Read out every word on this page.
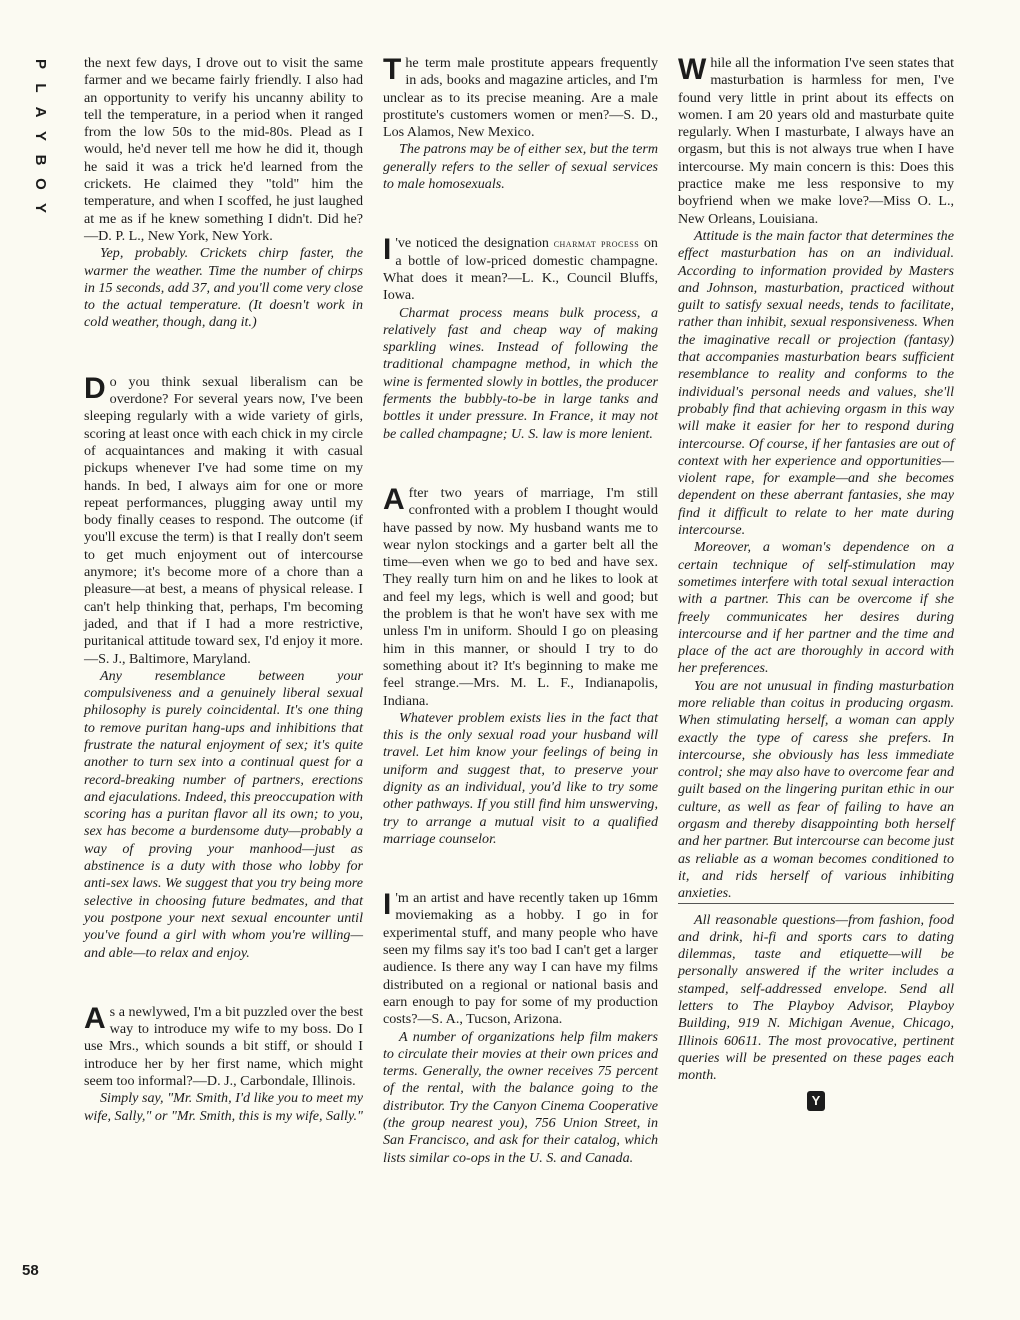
P
L
A
Y
B
O
Y
58

the next few days, I drove out to visit the same farmer and we became fairly friendly. I also had an opportunity to verify his uncanny ability to tell the temperature, in a period when it ranged from the low 50s to the mid-80s. Plead as I would, he'd never tell me how he did it, though he said it was a trick he'd learned from the crickets. He claimed they "told" him the temperature, and when I scoffed, he just laughed at me as if he knew something I didn't. Did he?—D. P. L., New York, New York.

Yep, probably. Crickets chirp faster, the warmer the weather. Time the number of chirps in 15 seconds, add 37, and you'll come very close to the actual temperature. (It doesn't work in cold weather, though, dang it.)

Do you think sexual liberalism can be overdone? For several years now, I've been sleeping regularly with a wide variety of girls, scoring at least once with each chick in my circle of acquaintances and making it with casual pickups whenever I've had some time on my hands. In bed, I always aim for one or more repeat performances, plugging away until my body finally ceases to respond. The outcome (if you'll excuse the term) is that I really don't seem to get much enjoyment out of intercourse anymore; it's become more of a chore than a pleasure—at best, a means of physical release. I can't help thinking that, perhaps, I'm becoming jaded, and that if I had a more restrictive, puritanical attitude toward sex, I'd enjoy it more.—S. J., Baltimore, Maryland.

Any resemblance between your compulsiveness and a genuinely liberal sexual philosophy is purely coincidental. It's one thing to remove puritan hang-ups and inhibitions that frustrate the natural enjoyment of sex; it's quite another to turn sex into a continual quest for a record-breaking number of partners, erections and ejaculations. Indeed, this preoccupation with scoring has a puritan flavor all its own; to you, sex has become a burdensome duty—probably a way of proving your manhood—just as abstinence is a duty with those who lobby for anti-sex laws. We suggest that you try being more selective in choosing future bedmates, and that you postpone your next sexual encounter until you've found a girl with whom you're willing—and able—to relax and enjoy.

As a newlywed, I'm a bit puzzled over the best way to introduce my wife to my boss. Do I use Mrs., which sounds a bit stiff, or should I introduce her by her first name, which might seem too informal?—D. J., Carbondale, Illinois.

Simply say, "Mr. Smith, I'd like you to meet my wife, Sally," or "Mr. Smith, this is my wife, Sally."

The term male prostitute appears frequently in ads, books and magazine articles, and I'm unclear as to its precise meaning. Are a male prostitute's customers women or men?—S. D., Los Alamos, New Mexico.

The patrons may be of either sex, but the term generally refers to the seller of sexual services to male homosexuals.

I 've noticed the designation charmat process on a bottle of low-priced domestic champagne. What does it mean?—L. K., Council Bluffs, Iowa.

Charmat process means bulk process, a relatively fast and cheap way of making sparkling wines. Instead of following the traditional champagne method, in which the wine is fermented slowly in bottles, the producer ferments the bubbly-to-be in large tanks and bottles it under pressure. In France, it may not be called champagne; U. S. law is more lenient.

After two years of marriage, I'm still confronted with a problem I thought would have passed by now. My husband wants me to wear nylon stockings and a garter belt all the time—even when we go to bed and have sex. They really turn him on and he likes to look at and feel my legs, which is well and good; but the problem is that he won't have sex with me unless I'm in uniform. Should I go on pleasing him in this manner, or should I try to do something about it? It's beginning to make me feel strange.—Mrs. M. L. F., Indianapolis, Indiana.

Whatever problem exists lies in the fact that this is the only sexual road your husband will travel. Let him know your feelings of being in uniform and suggest that, to preserve your dignity as an individual, you'd like to try some other pathways. If you still find him unswerving, try to arrange a mutual visit to a qualified marriage counselor.

I 'm an artist and have recently taken up 16mm moviemaking as a hobby. I go in for experimental stuff, and many people who have seen my films say it's too bad I can't get a larger audience. Is there any way I can have my films distributed on a regional or national basis and earn enough to pay for some of my production costs?—S. A., Tucson, Arizona.

A number of organizations help film makers to circulate their movies at their own prices and terms. Generally, the owner receives 75 percent of the rental, with the balance going to the distributor. Try the Canyon Cinema Cooperative (the group nearest you), 756 Union Street, in San Francisco, and ask for their catalog, which lists similar co-ops in the U. S. and Canada.

While all the information I've seen states that masturbation is harmless for men, I've found very little in print about its effects on women. I am 20 years old and masturbate quite regularly. When I masturbate, I always have an orgasm, but this is not always true when I have intercourse. My main concern is this: Does this practice make me less responsive to my boyfriend when we make love?—Miss O. L., New Orleans, Louisiana.

Attitude is the main factor that determines the effect masturbation has on an individual. According to information provided by Masters and Johnson, masturbation, practiced without guilt to satisfy sexual needs, tends to facilitate, rather than inhibit, sexual responsiveness. When the imaginative recall or projection (fantasy) that accompanies masturbation bears sufficient resemblance to reality and conforms to the individual's personal needs and values, she'll probably find that achieving orgasm in this way will make it easier for her to respond during intercourse. Of course, if her fantasies are out of context with her experience and opportunities—violent rape, for example—and she becomes dependent on these aberrant fantasies, she may find it difficult to relate to her mate during intercourse.

Moreover, a woman's dependence on a certain technique of self-stimulation may sometimes interfere with total sexual interaction with a partner. This can be overcome if she freely communicates her desires during intercourse and if her partner and the time and place of the act are thoroughly in accord with her preferences.

You are not unusual in finding masturbation more reliable than coitus in producing orgasm. When stimulating herself, a woman can apply exactly the type of caress she prefers. In intercourse, she obviously has less immediate control; she may also have to overcome fear and guilt based on the lingering puritan ethic in our culture, as well as fear of failing to have an orgasm and thereby disappointing both herself and her partner. But intercourse can become just as reliable as a woman becomes conditioned to it, and rids herself of various inhibiting anxieties.

All reasonable questions—from fashion, food and drink, hi-fi and sports cars to dating dilemmas, taste and etiquette—will be personally answered if the writer includes a stamped, self-addressed envelope. Send all letters to The Playboy Advisor, Playboy Building, 919 N. Michigan Avenue, Chicago, Illinois 60611. The most provocative, pertinent queries will be presented on these pages each month.

Y
